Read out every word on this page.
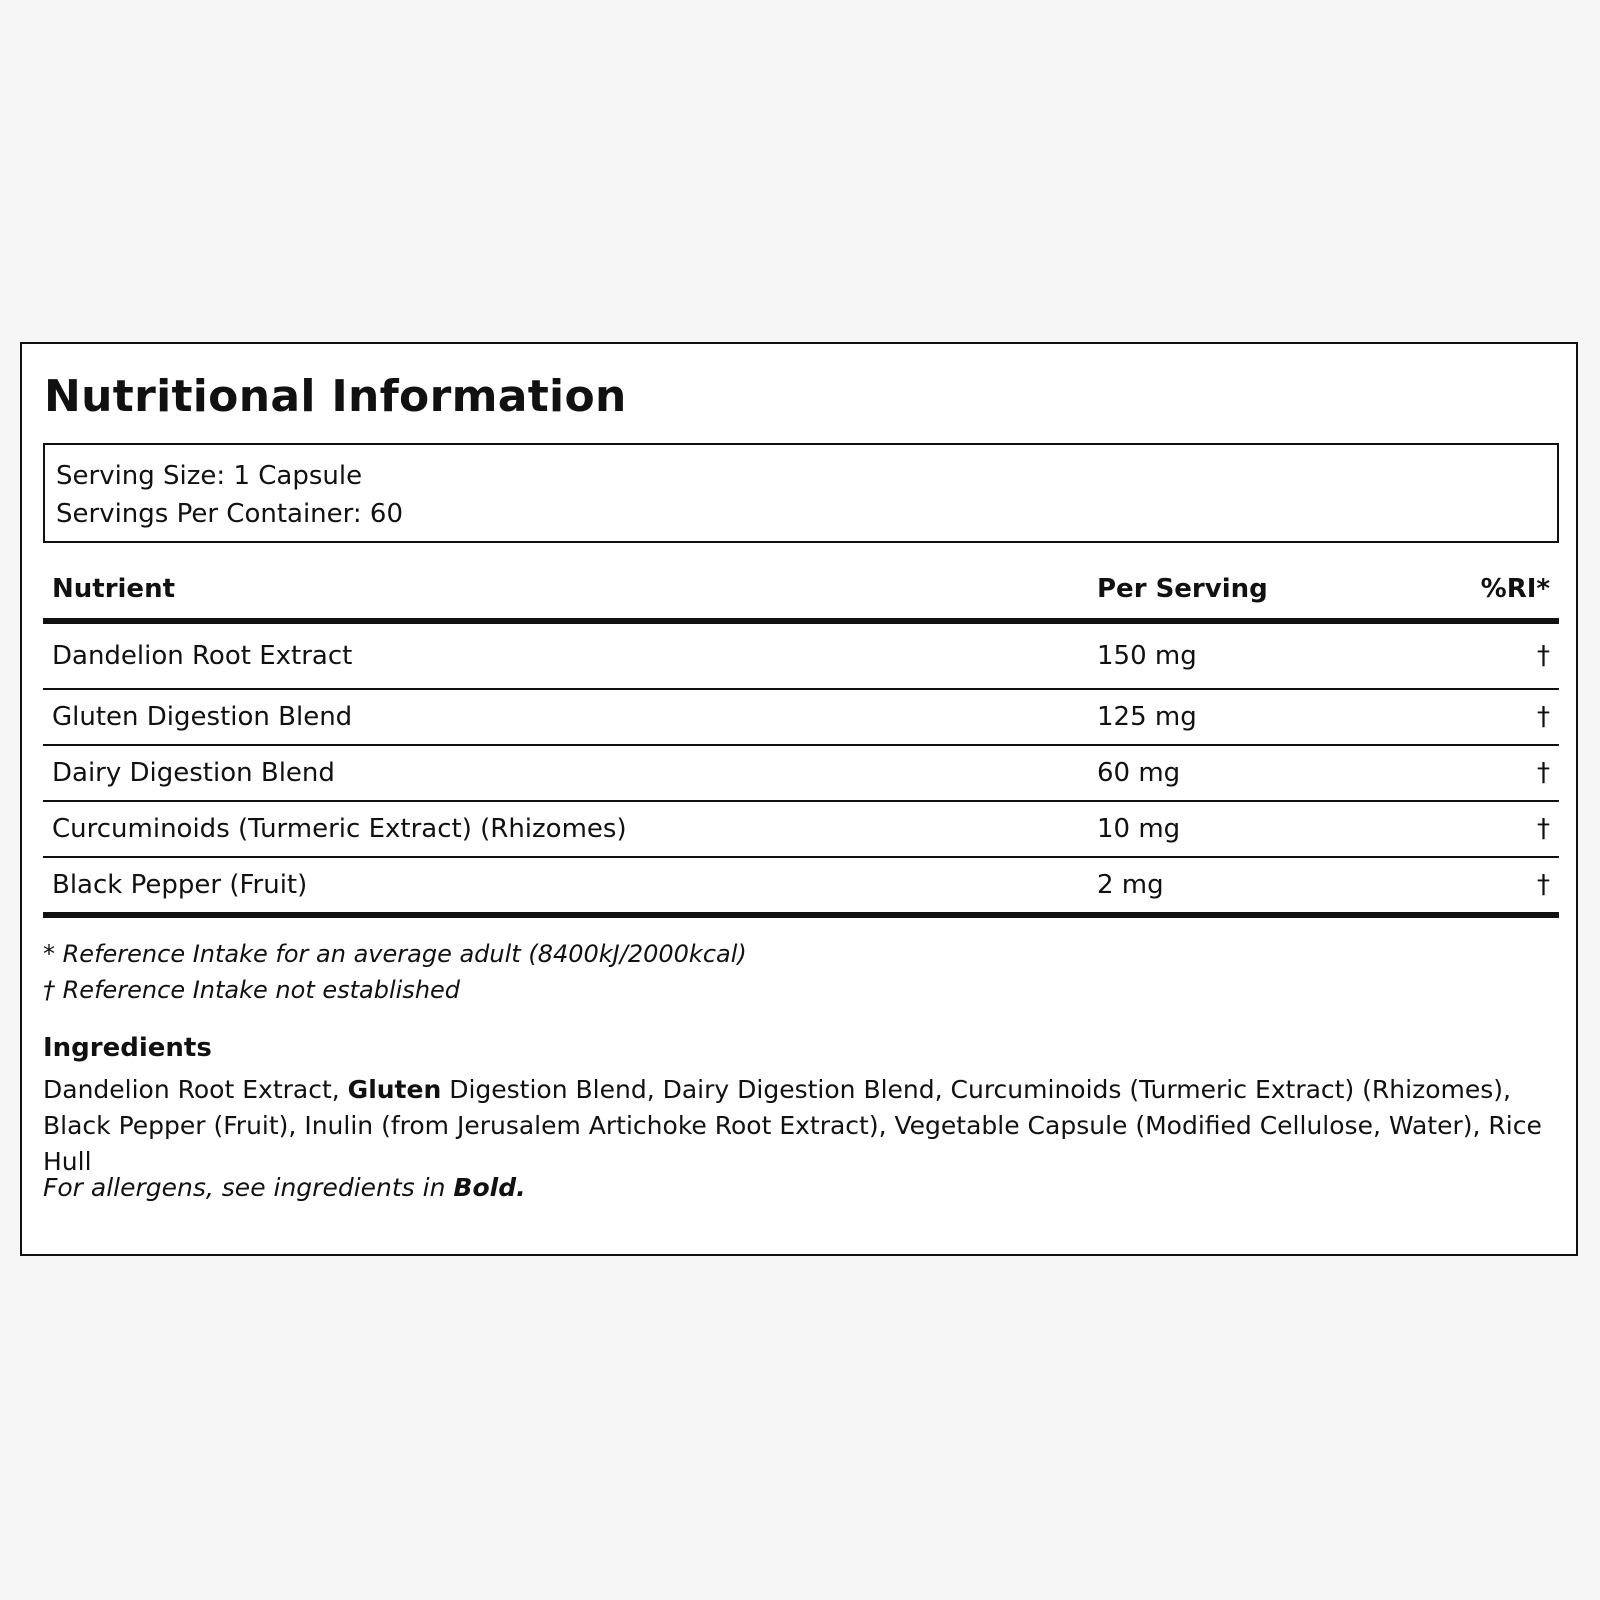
Nutritional Information
Serving Size: 1 Capsule
Servings Per Container: 60
Nutrient	Per Serving	%RI*
Dandelion Root Extract	150 mg	†
Gluten Digestion Blend	125 mg	†
Dairy Digestion Blend	60 mg	†
Curcuminoids (Turmeric Extract) (Rhizomes)	10 mg	†
Black Pepper (Fruit)	2 mg	†
* Reference Intake for an average adult (8400kJ/2000kcal)
† Reference Intake not established
Ingredients
Dandelion Root Extract, Gluten Digestion Blend, Dairy Digestion Blend, Curcuminoids (Turmeric Extract) (Rhizomes), Black Pepper (Fruit), Inulin (from Jerusalem Artichoke Root Extract), Vegetable Capsule (Modified Cellulose, Water), Rice Hull
For allergens, see ingredients in Bold.
